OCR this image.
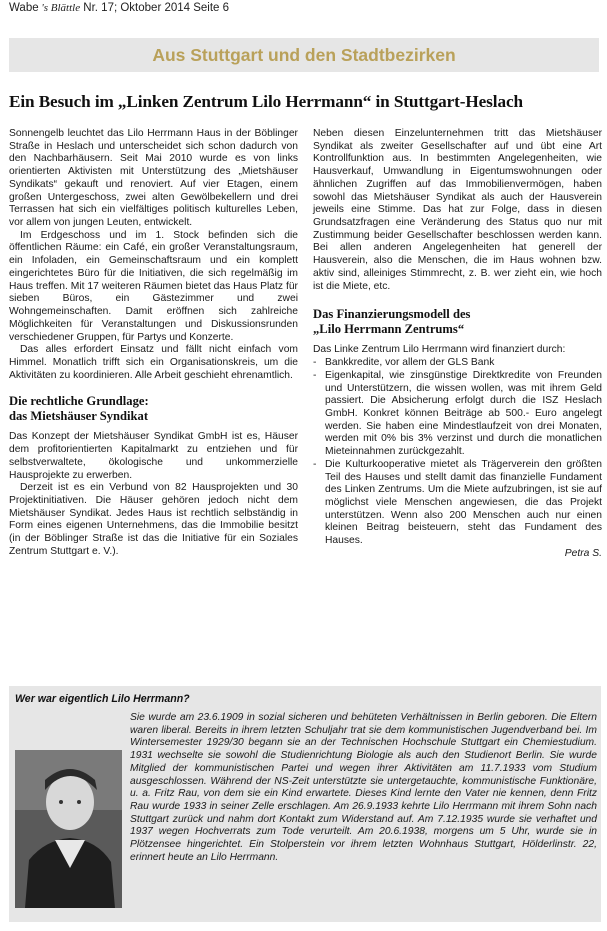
Wabe 's Blättle Nr. 17; Oktober 2014 Seite 6
Aus Stuttgart und den Stadtbezirken
Ein Besuch im „Linken Zentrum Lilo Herrmann“ in Stuttgart-Heslach

Sonnengelb leuchtet das Lilo Herrmann Haus in der Böblinger Straße in Heslach und unterscheidet sich schon dadurch von den Nachbarhäusern. Seit Mai 2010 wurde es von links orientierten Aktivisten mit Unterstützung des „Mietshäuser Syndikats“ gekauft und renoviert. Auf vier Etagen, einem großen Untergeschoss, zwei alten Gewölbekellern und drei Terrassen hat sich ein vielfältiges politisch kulturelles Leben, vor allem von jungen Leuten, entwickelt.

Im Erdgeschoss und im 1. Stock befinden sich die öffentlichen Räume: ein Café, ein großer Veranstaltungsraum, ein Infoladen, ein Gemeinschaftsraum und ein komplett eingerichtetes Büro für die Initiativen, die sich regelmäßig im Haus treffen. Mit 17 weiteren Räumen bietet das Haus Platz für sieben Büros, ein Gästezimmer und zwei Wohngemeinschaften. Damit eröffnen sich zahlreiche Möglichkeiten für Veranstaltungen und Diskussionsrunden verschiedener Gruppen, für Partys und Konzerte.

Das alles erfordert Einsatz und fällt nicht einfach vom Himmel. Monatlich trifft sich ein Organisationskreis, um die Aktivitäten zu koordinieren. Alle Arbeit geschieht ehrenamtlich.

Die rechtliche Grundlage:
das Mietshäuser Syndikat

Das Konzept der Mietshäuser Syndikat GmbH ist es, Häuser dem profitorientierten Kapitalmarkt zu entziehen und für selbstverwaltete, ökologische und unkommerzielle Hausprojekte zu erwerben.

Derzeit ist es ein Verbund von 82 Hausprojekten und 30 Projektinitiativen. Die Häuser gehören jedoch nicht dem Mietshäuser Syndikat. Jedes Haus ist rechtlich selbständig in Form eines eigenen Unternehmens, das die Immobilie besitzt (in der Böblinger Straße ist das die Initiative für ein Soziales Zentrum Stuttgart e. V.).

Neben diesen Einzelunternehmen tritt das Mietshäuser Syndikat als zweiter Gesellschafter auf und übt eine Art Kontrollfunktion aus. In bestimmten Angelegenheiten, wie Hausverkauf, Umwandlung in Eigentumswohnungen oder ähnlichen Zugriffen auf das Immobilienvermögen, haben sowohl das Mietshäuser Syndikat als auch der Hausverein jeweils eine Stimme. Das hat zur Folge, dass in diesen Grundsatzfragen eine Veränderung des Status quo nur mit Zustimmung beider Gesellschafter beschlossen werden kann. Bei allen anderen Angelegenheiten hat generell der Hausverein, also die Menschen, die im Haus wohnen bzw. aktiv sind, alleiniges Stimmrecht, z. B. wer zieht ein, wie hoch ist die Miete, etc.

Das Finanzierungsmodell des
„Lilo Herrmann Zentrums“

Das Linke Zentrum Lilo Herrmann wird finanziert durch:

- Bankkredite, vor allem der GLS Bank
- Eigenkapital, wie zinsgünstige Direktkredite von Freunden und Unterstützern, die wissen wollen, was mit ihrem Geld passiert. Die Absicherung erfolgt durch die ISZ Heslach GmbH. Konkret können Beiträge ab 500.- Euro angelegt werden. Sie haben eine Mindestlaufzeit von drei Monaten, werden mit 0% bis 3% verzinst und durch die monatlichen Mieteinnahmen zurückgezahlt.
- Die Kulturkooperative mietet als Trägerverein den größten Teil des Hauses und stellt damit das finanzielle Fundament des Linken Zentrums. Um die Miete aufzubringen, ist sie auf möglichst viele Menschen angewiesen, die das Projekt unterstützen. Wenn also 200 Menschen auch nur einen kleinen Beitrag beisteuern, steht das Fundament des Hauses.
Petra S.
Wer war eigentlich Lilo Herrmann?
Sie wurde am 23.6.1909 in sozial sicheren und behüteten Verhältnissen in Berlin geboren. Die Eltern waren liberal. Bereits in ihrem letzten Schuljahr trat sie dem kommunistischen Jugendverband bei. Im Wintersemester 1929/30 begann sie an der Technischen Hochschule Stuttgart ein Chemiestudium. 1931 wechselte sie sowohl die Studienrichtung Biologie als auch den Studienort Berlin. Sie wurde Mitglied der kommunistischen Partei und wegen ihrer Aktivitäten am 11.7.1933 vom Studium ausgeschlossen. Während der NS-Zeit unterstützte sie untergetauchte, kommunistische Funktionäre, u. a. Fritz Rau, von dem sie ein Kind erwartete. Dieses Kind lernte den Vater nie kennen, denn Fritz Rau wurde 1933 in seiner Zelle erschlagen. Am 26.9.1933 kehrte Lilo Herrmann mit ihrem Sohn nach Stuttgart zurück und nahm dort Kontakt zum Widerstand auf. Am 7.12.1935 wurde sie verhaftet und 1937 wegen Hochverrats zum Tode verurteilt. Am 20.6.1938, morgens um 5 Uhr, wurde sie in Plötzensee hingerichtet. Ein Stolperstein vor ihrem letzten Wohnhaus Stuttgart, Hölderlinstr. 22, erinnert heute an Lilo Herrmann.
